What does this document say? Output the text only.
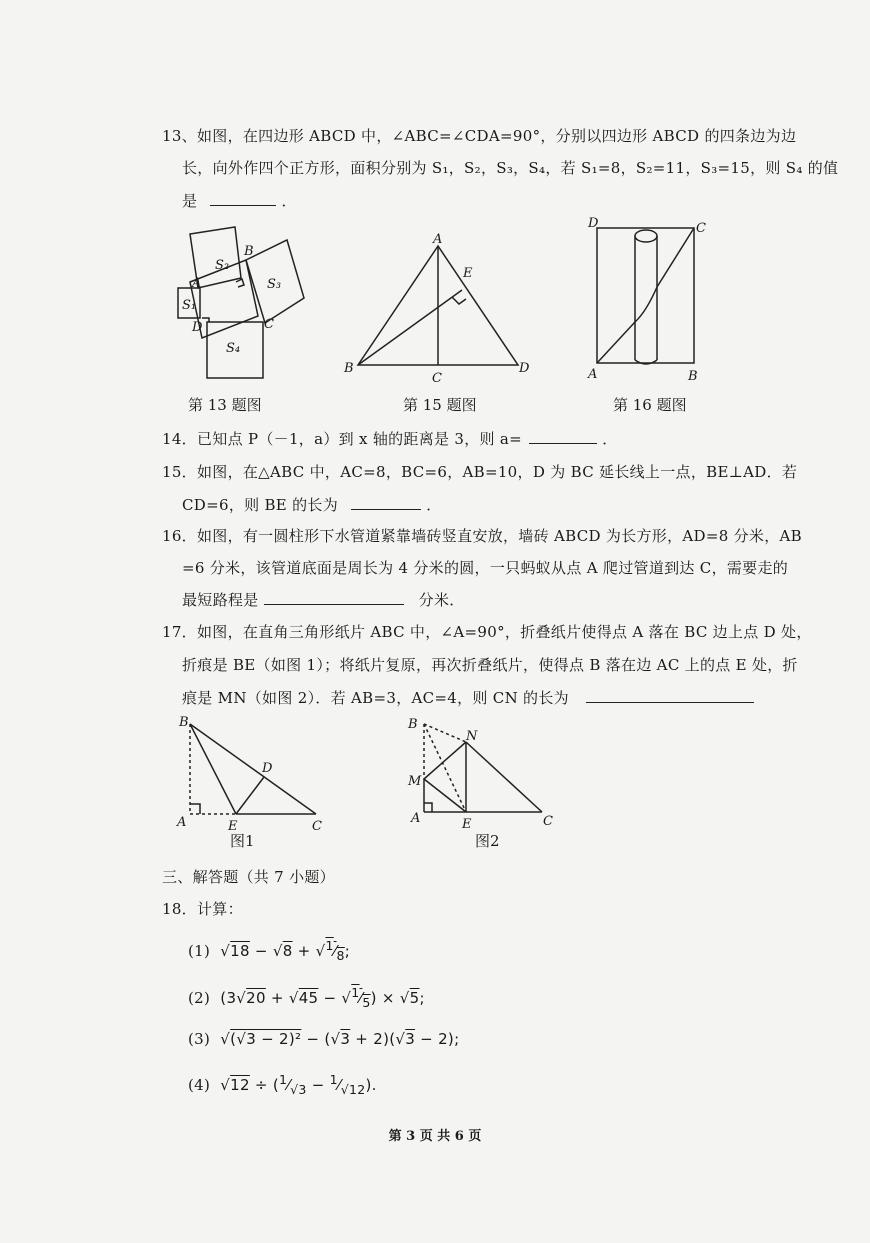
13、如图，在四边形 ABCD 中，∠ABC=∠CDA=90°，分别以四边形 ABCD 的四条边为边
长，向外作四个正方形，面积分别为 S₁，S₂，S₃，S₄，若 S₁=8，S₂=11，S₃=15，则 S₄ 的值
是	．
S₂
B
A	S₃
S₁
D	C
S₄
A
E
B
C
D
D	C
A	B
第 13 题图	第 15 题图	第 16 题图
14．已知点 P（－1，a）到 x 轴的距离是 3，则 a=	．
15．如图，在△ABC 中，AC=8，BC=6，AB=10，D 为 BC 延长线上一点，BE⊥AD．若
CD=6，则 BE 的长为	．
16．如图，有一圆柱形下水管道紧靠墙砖竖直安放，墙砖 ABCD 为长方形，AD=8 分米，AB
=6 分米，该管道底面是周长为 4 分米的圆，一只蚂蚁从点 A 爬过管道到达 C，需要走的
最短路程是	分米．
17．如图，在直角三角形纸片 ABC 中，∠A=90°，折叠纸片使得点 A 落在 BC 边上点 D 处，
折痕是 BE（如图 1）；将纸片复原，再次折叠纸片，使得点 B 落在边 AC 上的点 E 处，折
痕是 MN（如图 2）．若 AB=3，AC=4，则 CN 的长为
B
D
A	E	C
B
N
M
A	E	C
图1	图2
三、解答题（共 7 小题）
18．计算：
(1)  $√18 - √8 + √^1⁄_8$;
(2)  $(3√20 + √45 - √^1⁄_5) \times √5$;
(3)  √(√3 − 2)² − (√3 + 2)(√3 − 2);
(4)  $√12 \div (^1⁄_{√3}$ − $^1⁄_{√12}$).
第 3 页 共 6 页
